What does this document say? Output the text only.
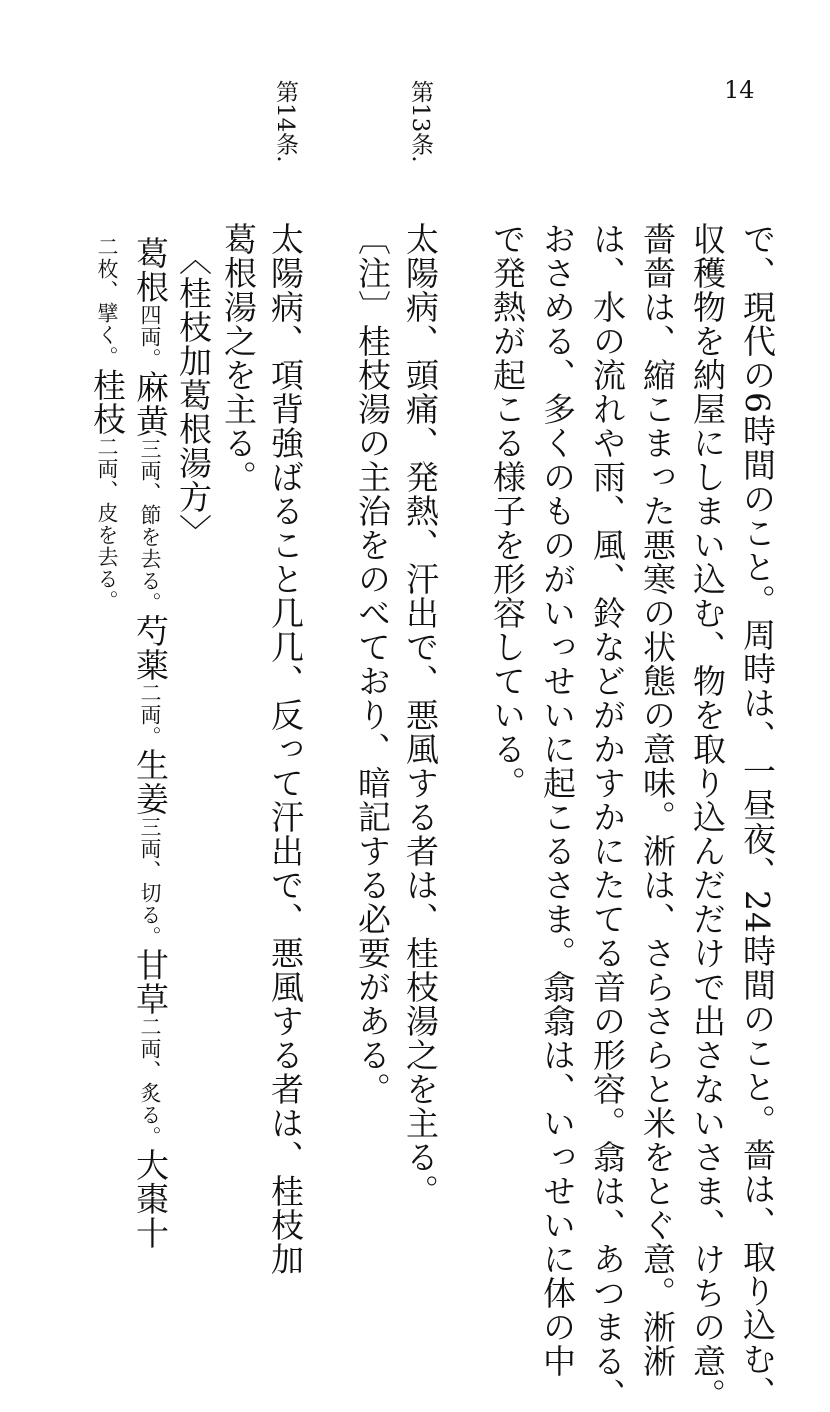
14
で、現代の6時間のこと。周時は、一昼夜、24時間のこと。嗇は、取り込む、
収穫物を納屋にしまい込む、物を取り込んだだけで出さないさま、けちの意。
嗇嗇は、縮こまった悪寒の状態の意味。淅は、さらさらと米をとぐ意。淅淅
は、水の流れや雨、風、鈴などがかすかにたてる音の形容。翕は、あつまる、
おさめる、多くのものがいっせいに起こるさま。翕翕は、いっせいに体の中
で発熱が起こる様子を形容している。
第13条.
太陽病、頭痛、発熱、汗出で、悪風する者は、桂枝湯之を主る。
〔注〕桂枝湯の主治をのべており、暗記する必要がある。
第14条.
太陽病、項背強ばること几几、反って汗出で、悪風する者は、桂枝加
葛根湯之を主る。
〈桂枝加葛根湯方〉
葛根四両。麻黄三両、節を去る。芍薬二両。生姜三両、切る。甘草二両、炙る。大棗十
二枚、擘く。桂枝二両、皮を去る。
